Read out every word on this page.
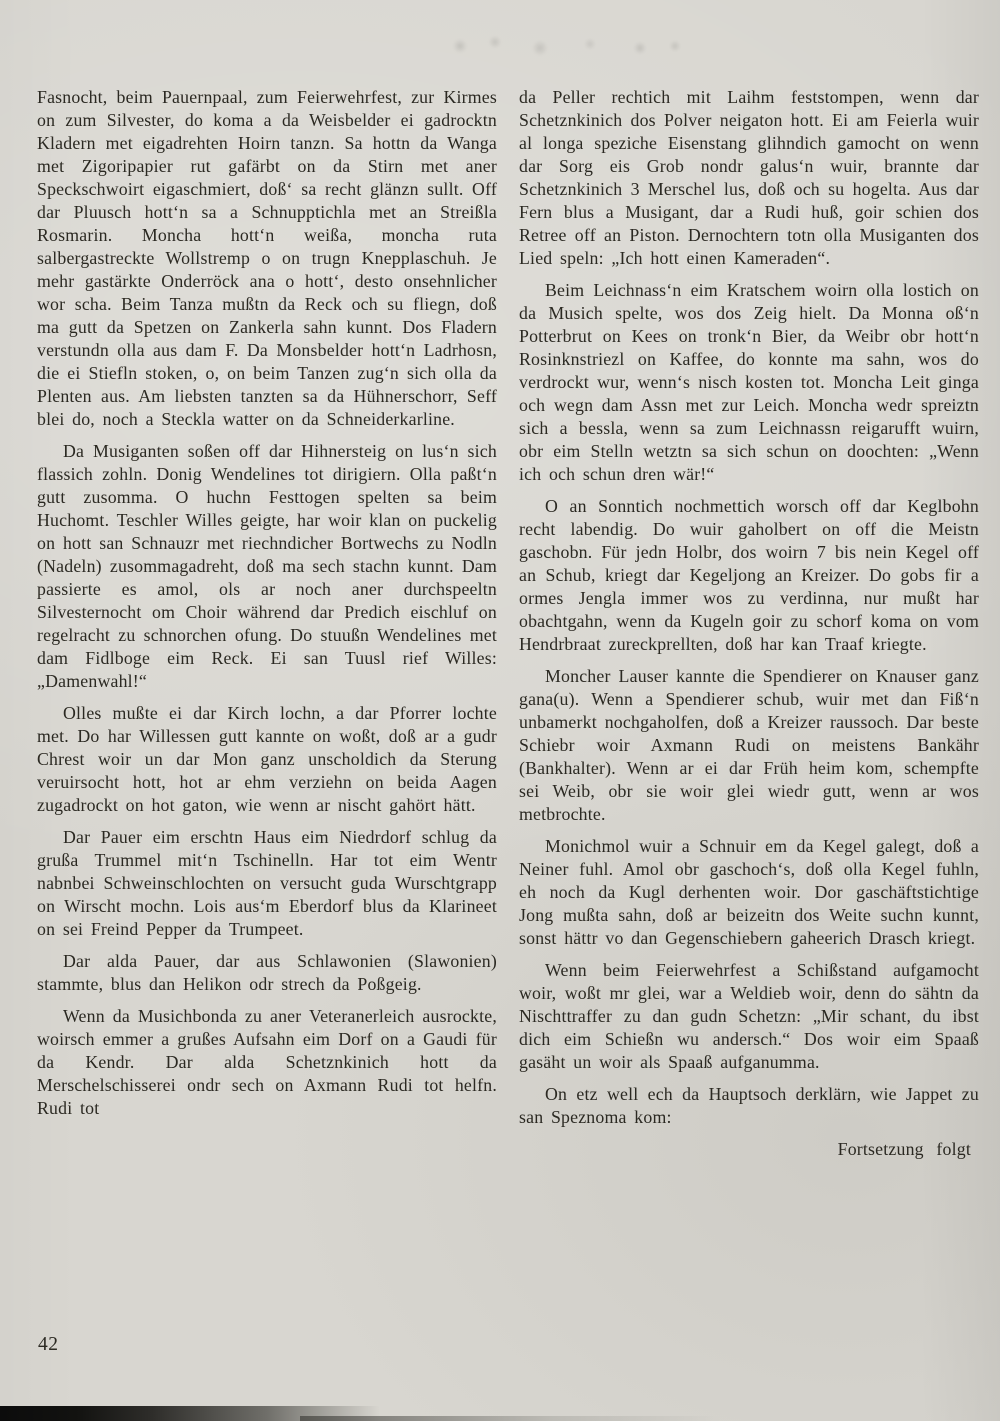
Fasnocht, beim Pauernpaal, zum Feierwehrfest, zur Kirmes on zum Silvester, do koma a da Weisbelder ei gadrocktn Kladern met eigadrehten Hoirn tanzn. Sa hottn da Wanga met Zigoripapier rut gafärbt on da Stirn met aner Speckschwoirt eigaschmiert, doß‘ sa recht glänzn sullt. Off dar Pluusch hott‘n sa a Schnupptichla met an Streißla Rosmarin. Moncha hott‘n weißa, moncha ruta salbergastreckte Wollstremp o on trugn Knepplaschuh. Je mehr gastärkte Onderröck ana o hott‘, desto onsehnlicher wor scha. Beim Tanza mußtn da Reck och su fliegn, doß ma gutt da Spetzen on Zankerla sahn kunnt. Dos Fladern verstundn olla aus dam F. Da Monsbelder hott‘n Ladrhosn, die ei Stiefln stoken, o, on beim Tanzen zug‘n sich olla da Plenten aus. Am liebsten tanzten sa da Hühnerschorr, Seff blei do, noch a Steckla watter on da Schneiderkarline.

Da Musiganten soßen off dar Hihnersteig on lus‘n sich flassich zohln. Donig Wendelines tot dirigiern. Olla paßt‘n gutt zusomma. O huchn Festtogen spelten sa beim Huchomt. Teschler Willes geigte, har woir klan on puckelig on hott san Schnauzr met riechndicher Bortwechs zu Nodln (Nadeln) zusommagadreht, doß ma sech stachn kunnt. Dam passierte es amol, ols ar noch aner durchspeeltn Silvesternocht om Choir während dar Predich eischluf on regelracht zu schnorchen ofung. Do stuußn Wendelines met dam Fidlboge eim Reck. Ei san Tuusl rief Willes: „Damenwahl!“

Olles mußte ei dar Kirch lochn, a dar Pforrer lochte met. Do har Willessen gutt kannte on woßt, doß ar a gudr Chrest woir un dar Mon ganz unscholdich da Sterung veruirsocht hott, hot ar ehm verziehn on beida Aagen zugadrockt on hot gaton, wie wenn ar nischt gahört hätt.

Dar Pauer eim erschtn Haus eim Niedrdorf schlug da grußa Trummel mit‘n Tschinelln. Har tot eim Wentr nabnbei Schweinschlochten on versucht guda Wurschtgrapp on Wirscht mochn. Lois aus‘m Eberdorf blus da Klarineet on sei Freind Pepper da Trumpeet.

Dar alda Pauer, dar aus Schlawonien (Slawonien) stammte, blus dan Helikon odr strech da Poßgeig.

Wenn da Musichbonda zu aner Veteranerleich ausrockte, woirsch emmer a grußes Aufsahn eim Dorf on a Gaudi für da Kendr. Dar alda Schetznkinich hott da Merschelschisserei ondr sech on Axmann Rudi tot helfn. Rudi tot

da Peller rechtich mit Laihm feststompen, wenn dar Schetznkinich dos Polver neigaton hott. Ei am Feierla wuir al longa speziche Eisenstang glihndich gamocht on wenn dar Sorg eis Grob nondr galus‘n wuir, brannte dar Schetznkinich 3 Merschel lus, doß och su hogelta. Aus dar Fern blus a Musigant, dar a Rudi huß, goir schien dos Retree off an Piston. Dernochtern totn olla Musiganten dos Lied speln: „Ich hott einen Kameraden“.

Beim Leichnass‘n eim Kratschem woirn olla lostich on da Musich spelte, wos dos Zeig hielt. Da Monna oß‘n Potterbrut on Kees on tronk‘n Bier, da Weibr obr hott‘n Rosinknstriezl on Kaffee, do konnte ma sahn, wos do verdrockt wur, wenn‘s nisch kosten tot. Moncha Leit ginga och wegn dam Assn met zur Leich. Moncha wedr spreiztn sich a bessla, wenn sa zum Leichnassn reigarufft wuirn, obr eim Stelln wetztn sa sich schun on doochten: „Wenn ich och schun dren wär!“

O an Sonntich nochmettich worsch off dar Keglbohn recht labendig. Do wuir gaholbert on off die Meistn gaschobn. Für jedn Holbr, dos woirn 7 bis nein Kegel off an Schub, kriegt dar Kegeljong an Kreizer. Do gobs fir a ormes Jengla immer wos zu verdinna, nur mußt har obachtgahn, wenn da Kugeln goir zu schorf koma on vom Hendrbraat zureckprellten, doß har kan Traaf kriegte.

Moncher Lauser kannte die Spendierer on Knauser ganz gana(u). Wenn a Spendierer schub, wuir met dan Fiß‘n unbamerkt nochgaholfen, doß a Kreizer raussoch. Dar beste Schiebr woir Axmann Rudi on meistens Bankähr (Bankhalter). Wenn ar ei dar Früh heim kom, schempfte sei Weib, obr sie woir glei wiedr gutt, wenn ar wos metbrochte.

Monichmol wuir a Schnuir em da Kegel galegt, doß a Neiner fuhl. Amol obr gaschoch‘s, doß olla Kegel fuhln, eh noch da Kugl derhenten woir. Dor gaschäftstichtige Jong mußta sahn, doß ar beizeitn dos Weite suchn kunnt, sonst hättr vo dan Gegenschiebern gaheerich Drasch kriegt.

Wenn beim Feierwehrfest a Schißstand aufgamocht woir, woßt mr glei, war a Weldieb woir, denn do sähtn da Nischttraffer zu dan gudn Schetzn: „Mir schant, du ibst dich eim Schießn wu andersch.“ Dos woir eim Spaaß gasäht un woir als Spaaß aufganumma.

On etz well ech da Hauptsoch derklärn, wie Jappet zu san Speznoma kom:

Fortsetzung folgt

42
